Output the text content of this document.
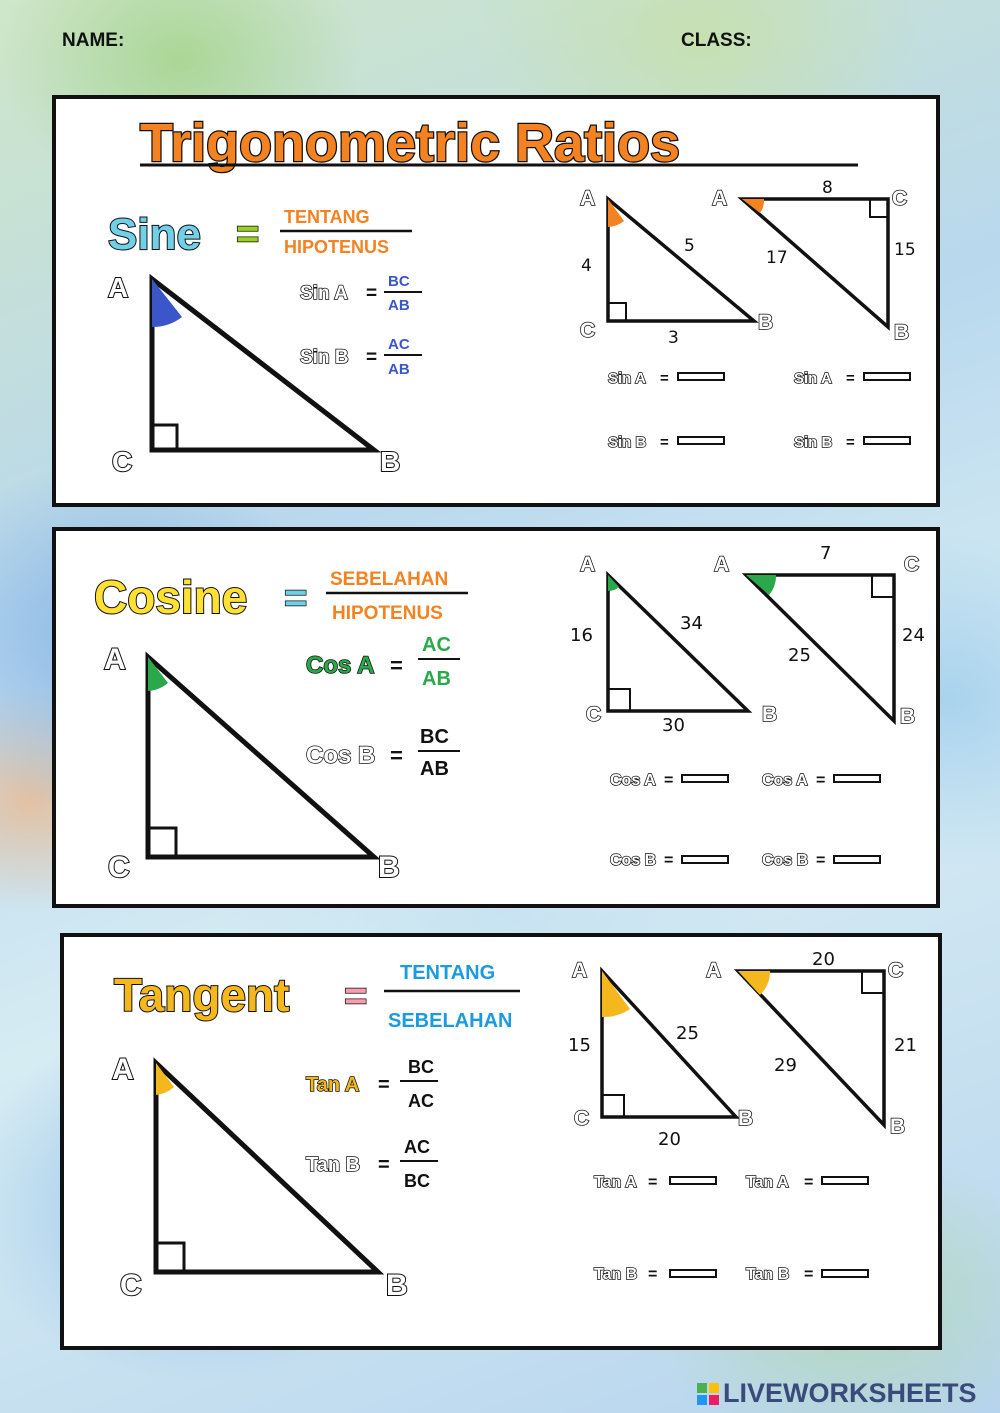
NAME:	CLASS:
Trigonometric Ratios
Sine = TENTANG
HIPOTENUS
A
C	B
Sin A =
BC
AB
Sin B =
AC
AB
A
C	B
4
5
3
A	C
B
8
17	15
Sin A =	Sin A =
Sin B =	Sin B =
Cosine = SEBELAHAN
HIPOTENUS
A
C	B
Cos A =
AC
AB
Cos B =
BC
AB
A
C	B
16
34
30
A	C
B
7
25
24
Cos A =	Cos A =
Cos B =	Cos B =
Tangent =
TENTANG
SEBELAHAN
A
C	B
Tan A =
BC
AC
Tan B =
AC
BC
A
C	B
15
25
20
A	C
B
20
29
21
Tan A =	Tan A =
Tan B =	Tan B =
LIVEWORKSHEETS
